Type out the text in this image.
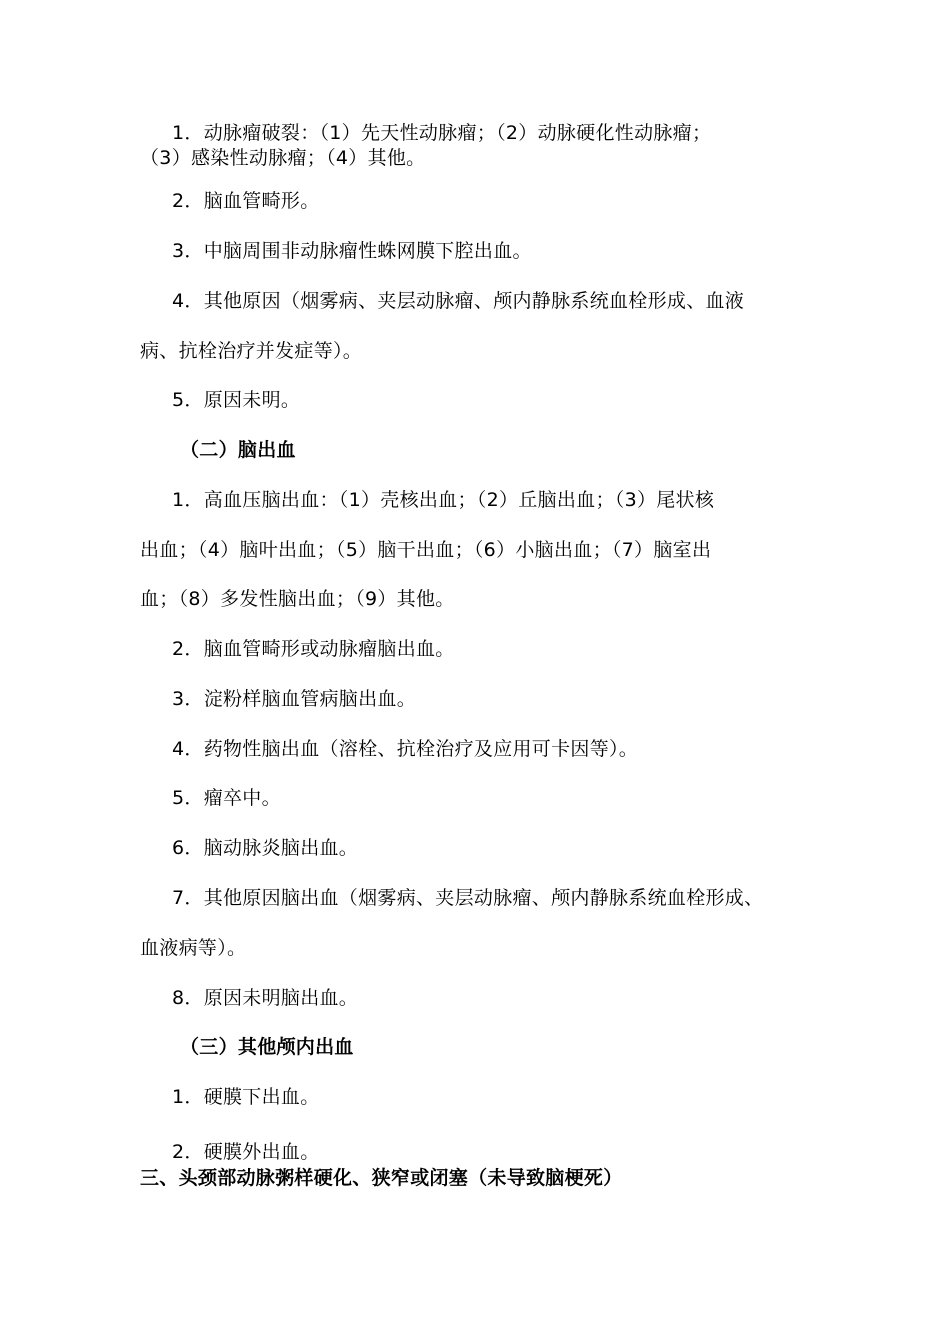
1．动脉瘤破裂：（1）先天性动脉瘤；（2）动脉硬化性动脉瘤；
（3）感染性动脉瘤；（4）其他。
2．脑血管畸形。
3．中脑周围非动脉瘤性蛛网膜下腔出血。
4．其他原因（烟雾病、夹层动脉瘤、颅内静脉系统血栓形成、血液
病、抗栓治疗并发症等）。
5．原因未明。
（二）脑出血
1．高血压脑出血：（1）壳核出血；（2）丘脑出血；（3）尾状核
出血；（4）脑叶出血；（5）脑干出血；（6）小脑出血；（7）脑室出
血；（8）多发性脑出血；（9）其他。
2．脑血管畸形或动脉瘤脑出血。
3．淀粉样脑血管病脑出血。
4．药物性脑出血（溶栓、抗栓治疗及应用可卡因等）。
5．瘤卒中。
6．脑动脉炎脑出血。
7．其他原因脑出血（烟雾病、夹层动脉瘤、颅内静脉系统血栓形成、
血液病等）。
8．原因未明脑出血。
（三）其他颅内出血
1．硬膜下出血。
2．硬膜外出血。
三、头颈部动脉粥样硬化、狭窄或闭塞（未导致脑梗死）
